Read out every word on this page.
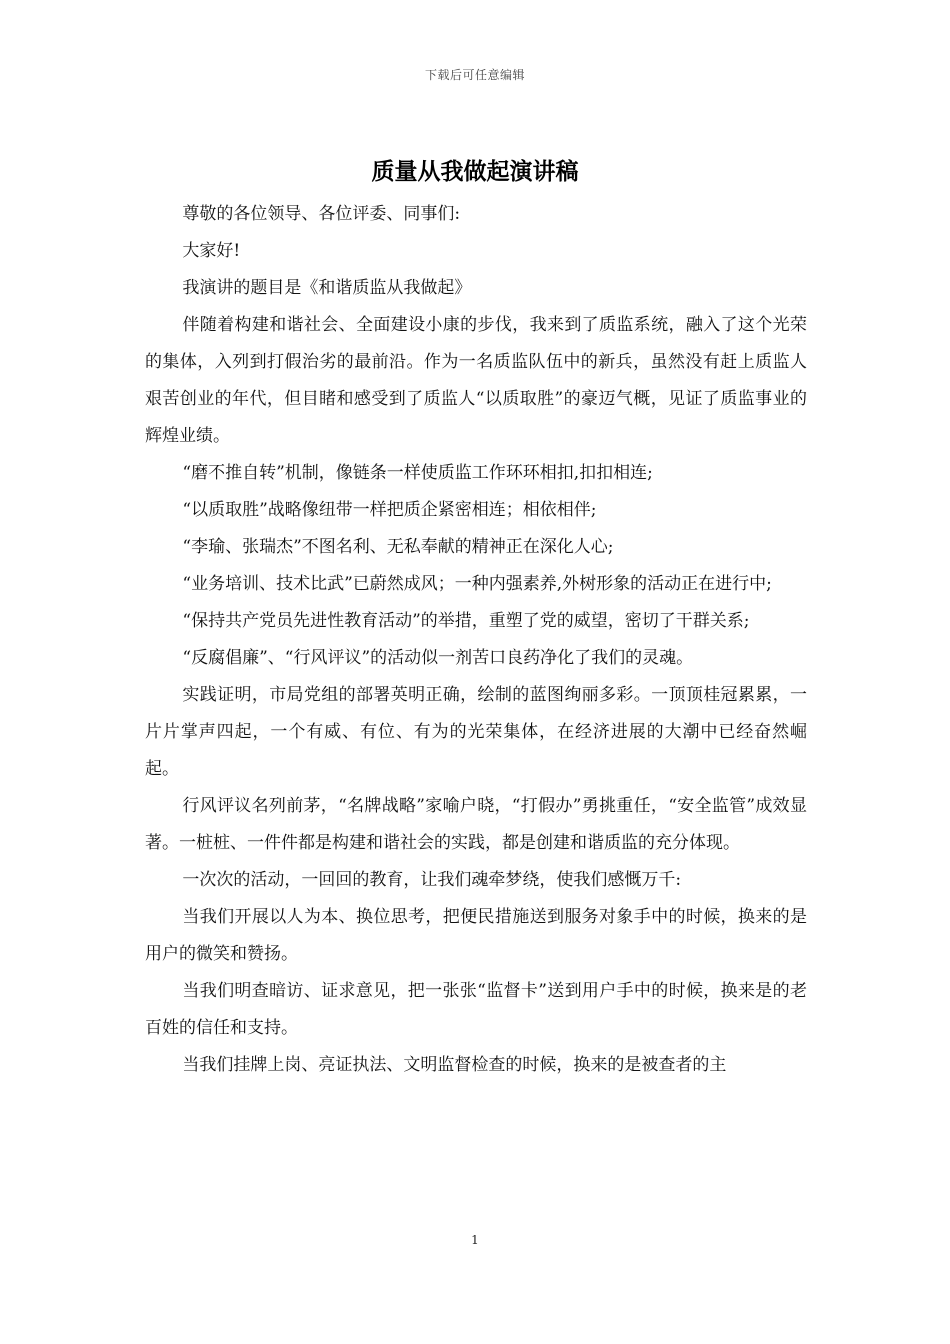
下载后可任意编辑
质量从我做起演讲稿

尊敬的各位领导、各位评委、同事们:

大家好!

我演讲的题目是《和谐质监从我做起》

伴随着构建和谐社会、全面建设小康的步伐，我来到了质监系统，融入了这个光荣的集体，入列到打假治劣的最前沿。作为一名质监队伍中的新兵，虽然没有赶上质监人艰苦创业的年代，但目睹和感受到了质监人“以质取胜”的豪迈气概，见证了质监事业的辉煌业绩。

“磨不推自转”机制，像链条一样使质监工作环环相扣,扣扣相连;

“以质取胜”战略像纽带一样把质企紧密相连；相依相伴;

“李瑜、张瑞杰”不图名利、无私奉献的精神正在深化人心;

“业务培训、技术比武”已蔚然成风；一种内强素养,外树形象的活动正在进行中;

“保持共产党员先进性教育活动”的举措，重塑了党的威望，密切了干群关系;

“反腐倡廉”、“行风评议”的活动似一剂苦口良药净化了我们的灵魂。

实践证明，市局党组的部署英明正确，绘制的蓝图绚丽多彩。一顶顶桂冠累累，一片片掌声四起，一个有威、有位、有为的光荣集体，在经济进展的大潮中已经奋然崛起。

行风评议名列前茅，“名牌战略”家喻户晓，“打假办”勇挑重任，“安全监管”成效显著。一桩桩、一件件都是构建和谐社会的实践，都是创建和谐质监的充分体现。

一次次的活动，一回回的教育，让我们魂牵梦绕，使我们感慨万千:

当我们开展以人为本、换位思考，把便民措施送到服务对象手中的时候，换来的是用户的微笑和赞扬。

当我们明查暗访、证求意见，把一张张“监督卡”送到用户手中的时候，换来是的老百姓的信任和支持。

当我们挂牌上岗、亮证执法、文明监督检查的时候，换来的是被查者的主

1
